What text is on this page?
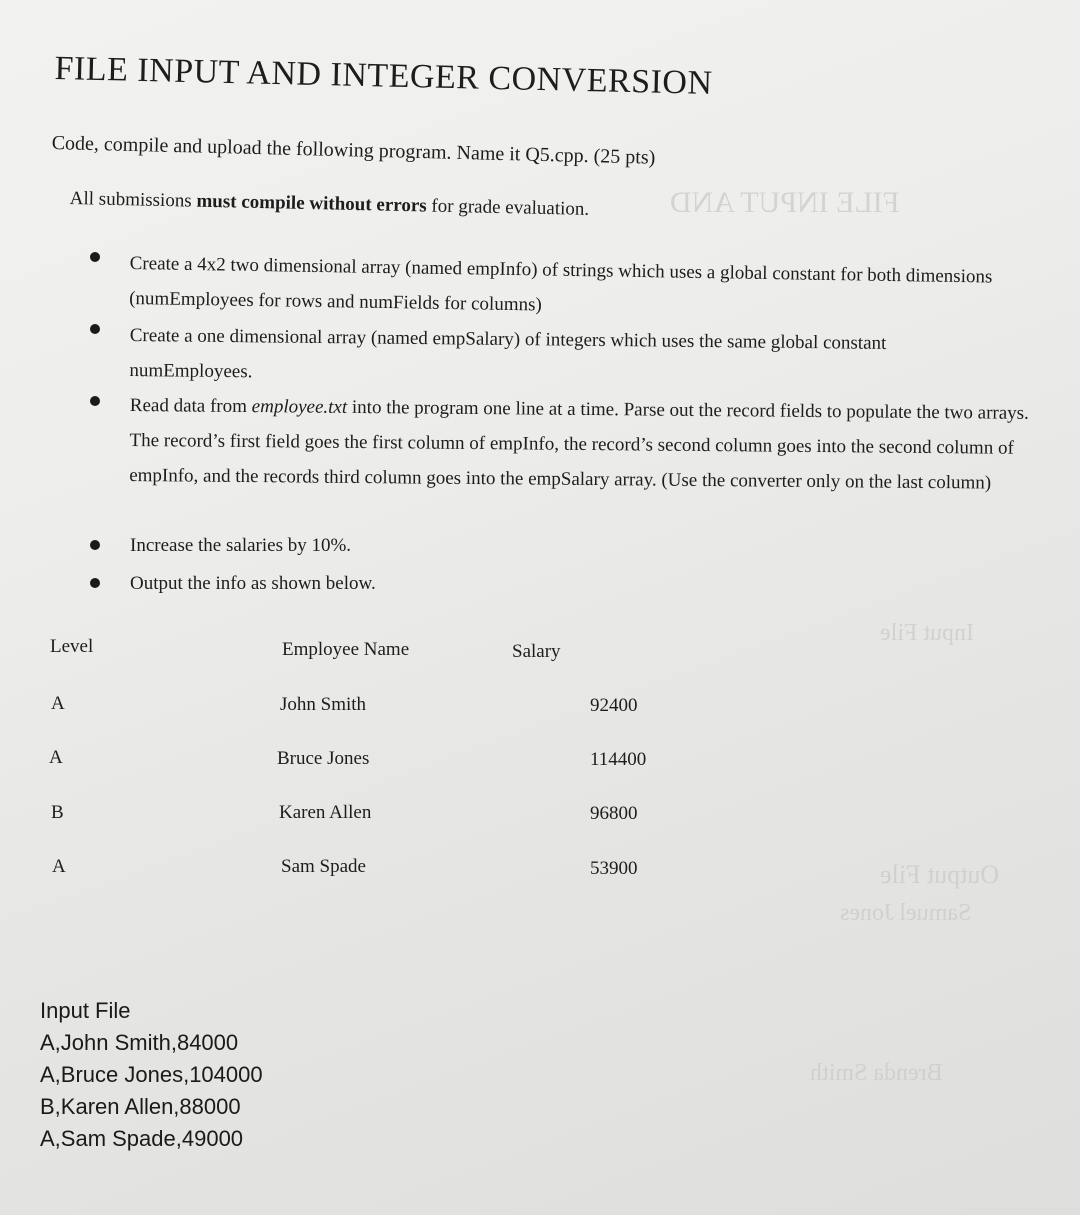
FILE INPUT AND
Input File
Output File
Samuel Jones
Brenda Smith
FILE INPUT AND INTEGER CONVERSION
Code, compile and upload the following program. Name it Q5.cpp. (25 pts)
All submissions must compile without errors for grade evaluation.
Create a 4x2 two dimensional array (named empInfo) of strings which uses a global constant for both dimensions (numEmployees for rows and numFields for columns)
Create a one dimensional array (named empSalary) of integers which uses the same global constant numEmployees.
Read data from employee.txt into the program one line at a time. Parse out the record fields to populate the two arrays. The record’s first field goes the first column of empInfo, the record’s second column goes into the second column of empInfo, and the records third column goes into the empSalary array. (Use the converter only on the last column)
Increase the salaries by 10%.
Output the info as shown below.
Level	Employee Name	Salary
A	John Smith	92400
A	Bruce Jones	114400
B	Karen Allen	96800
A	Sam Spade	53900
Input File
A,John Smith,84000
A,Bruce Jones,104000
B,Karen Allen,88000
A,Sam Spade,49000
